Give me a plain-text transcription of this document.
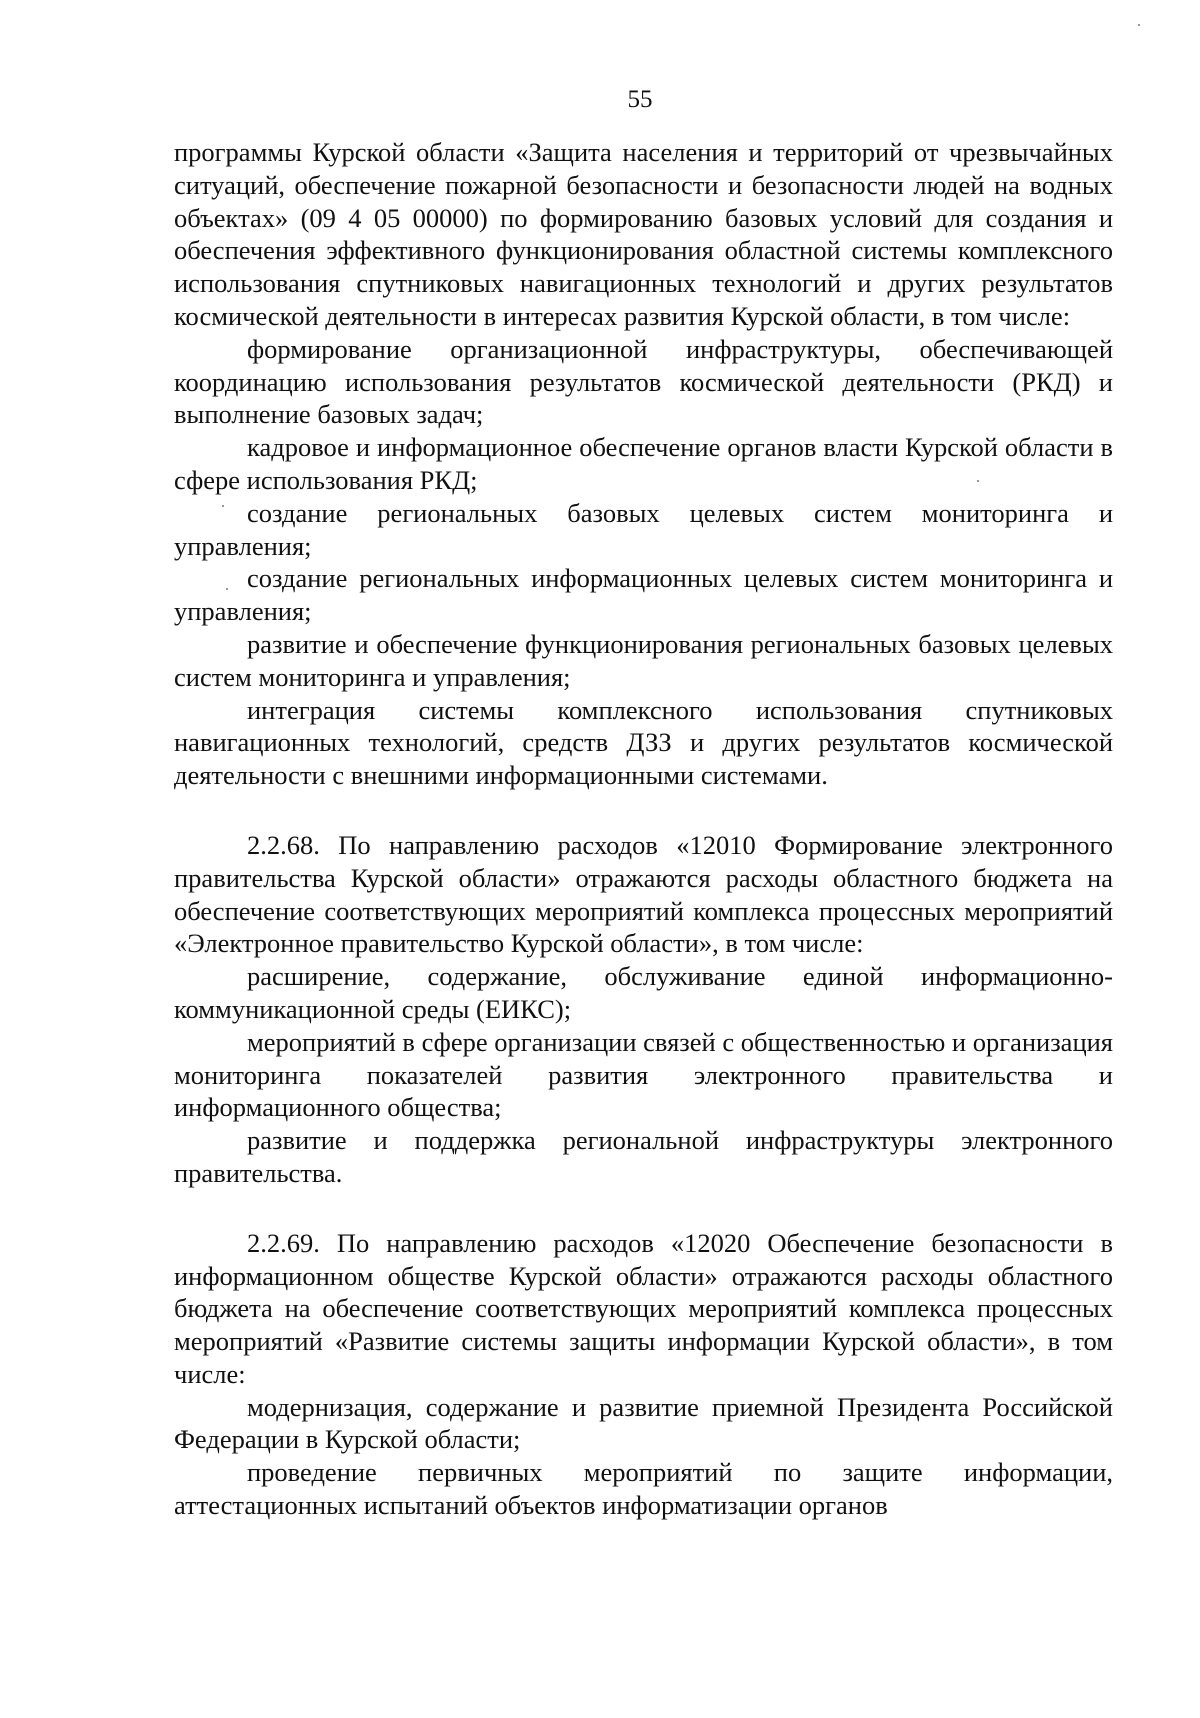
55

программы Курской области «Защита населения и территорий от чрезвычайных ситуаций, обеспечение пожарной безопасности и безопасности людей на водных объектах» (09 4 05 00000) по формированию базовых условий для создания и обеспечения эффективного функционирования областной системы комплексного использования спутниковых навигационных технологий и других результатов космической деятельности в интересах развития Курской области, в том числе:

формирование организационной инфраструктуры, обеспечивающей координацию использования результатов космической деятельности (РКД) и выполнение базовых задач;

кадровое и информационное обеспечение органов власти Курской области в сфере использования РКД;

создание региональных базовых целевых систем мониторинга и управления;

создание региональных информационных целевых систем мониторинга и управления;

развитие и обеспечение функционирования региональных базовых целевых систем мониторинга и управления;

интеграция системы комплексного использования спутниковых навигационных технологий, средств ДЗЗ и других результатов космической деятельности с внешними информационными системами.

2.2.68. По направлению расходов «12010 Формирование электронного правительства Курской области» отражаются расходы областного бюджета на обеспечение соответствующих мероприятий комплекса процессных мероприятий «Электронное правительство Курской области», в том числе:

расширение, содержание, обслуживание единой информационно-коммуникационной среды (ЕИКС);

мероприятий в сфере организации связей с общественностью и организация мониторинга показателей развития электронного правительства и информационного общества;

развитие и поддержка региональной инфраструктуры электронного правительства.

2.2.69. По направлению расходов «12020 Обеспечение безопасности в информационном обществе Курской области» отражаются расходы областного бюджета на обеспечение соответствующих мероприятий комплекса процессных мероприятий «Развитие системы защиты информации Курской области», в том числе:

модернизация, содержание и развитие приемной Президента Российской Федерации в Курской области;

проведение первичных мероприятий по защите информации, аттестационных испытаний объектов информатизации органов
